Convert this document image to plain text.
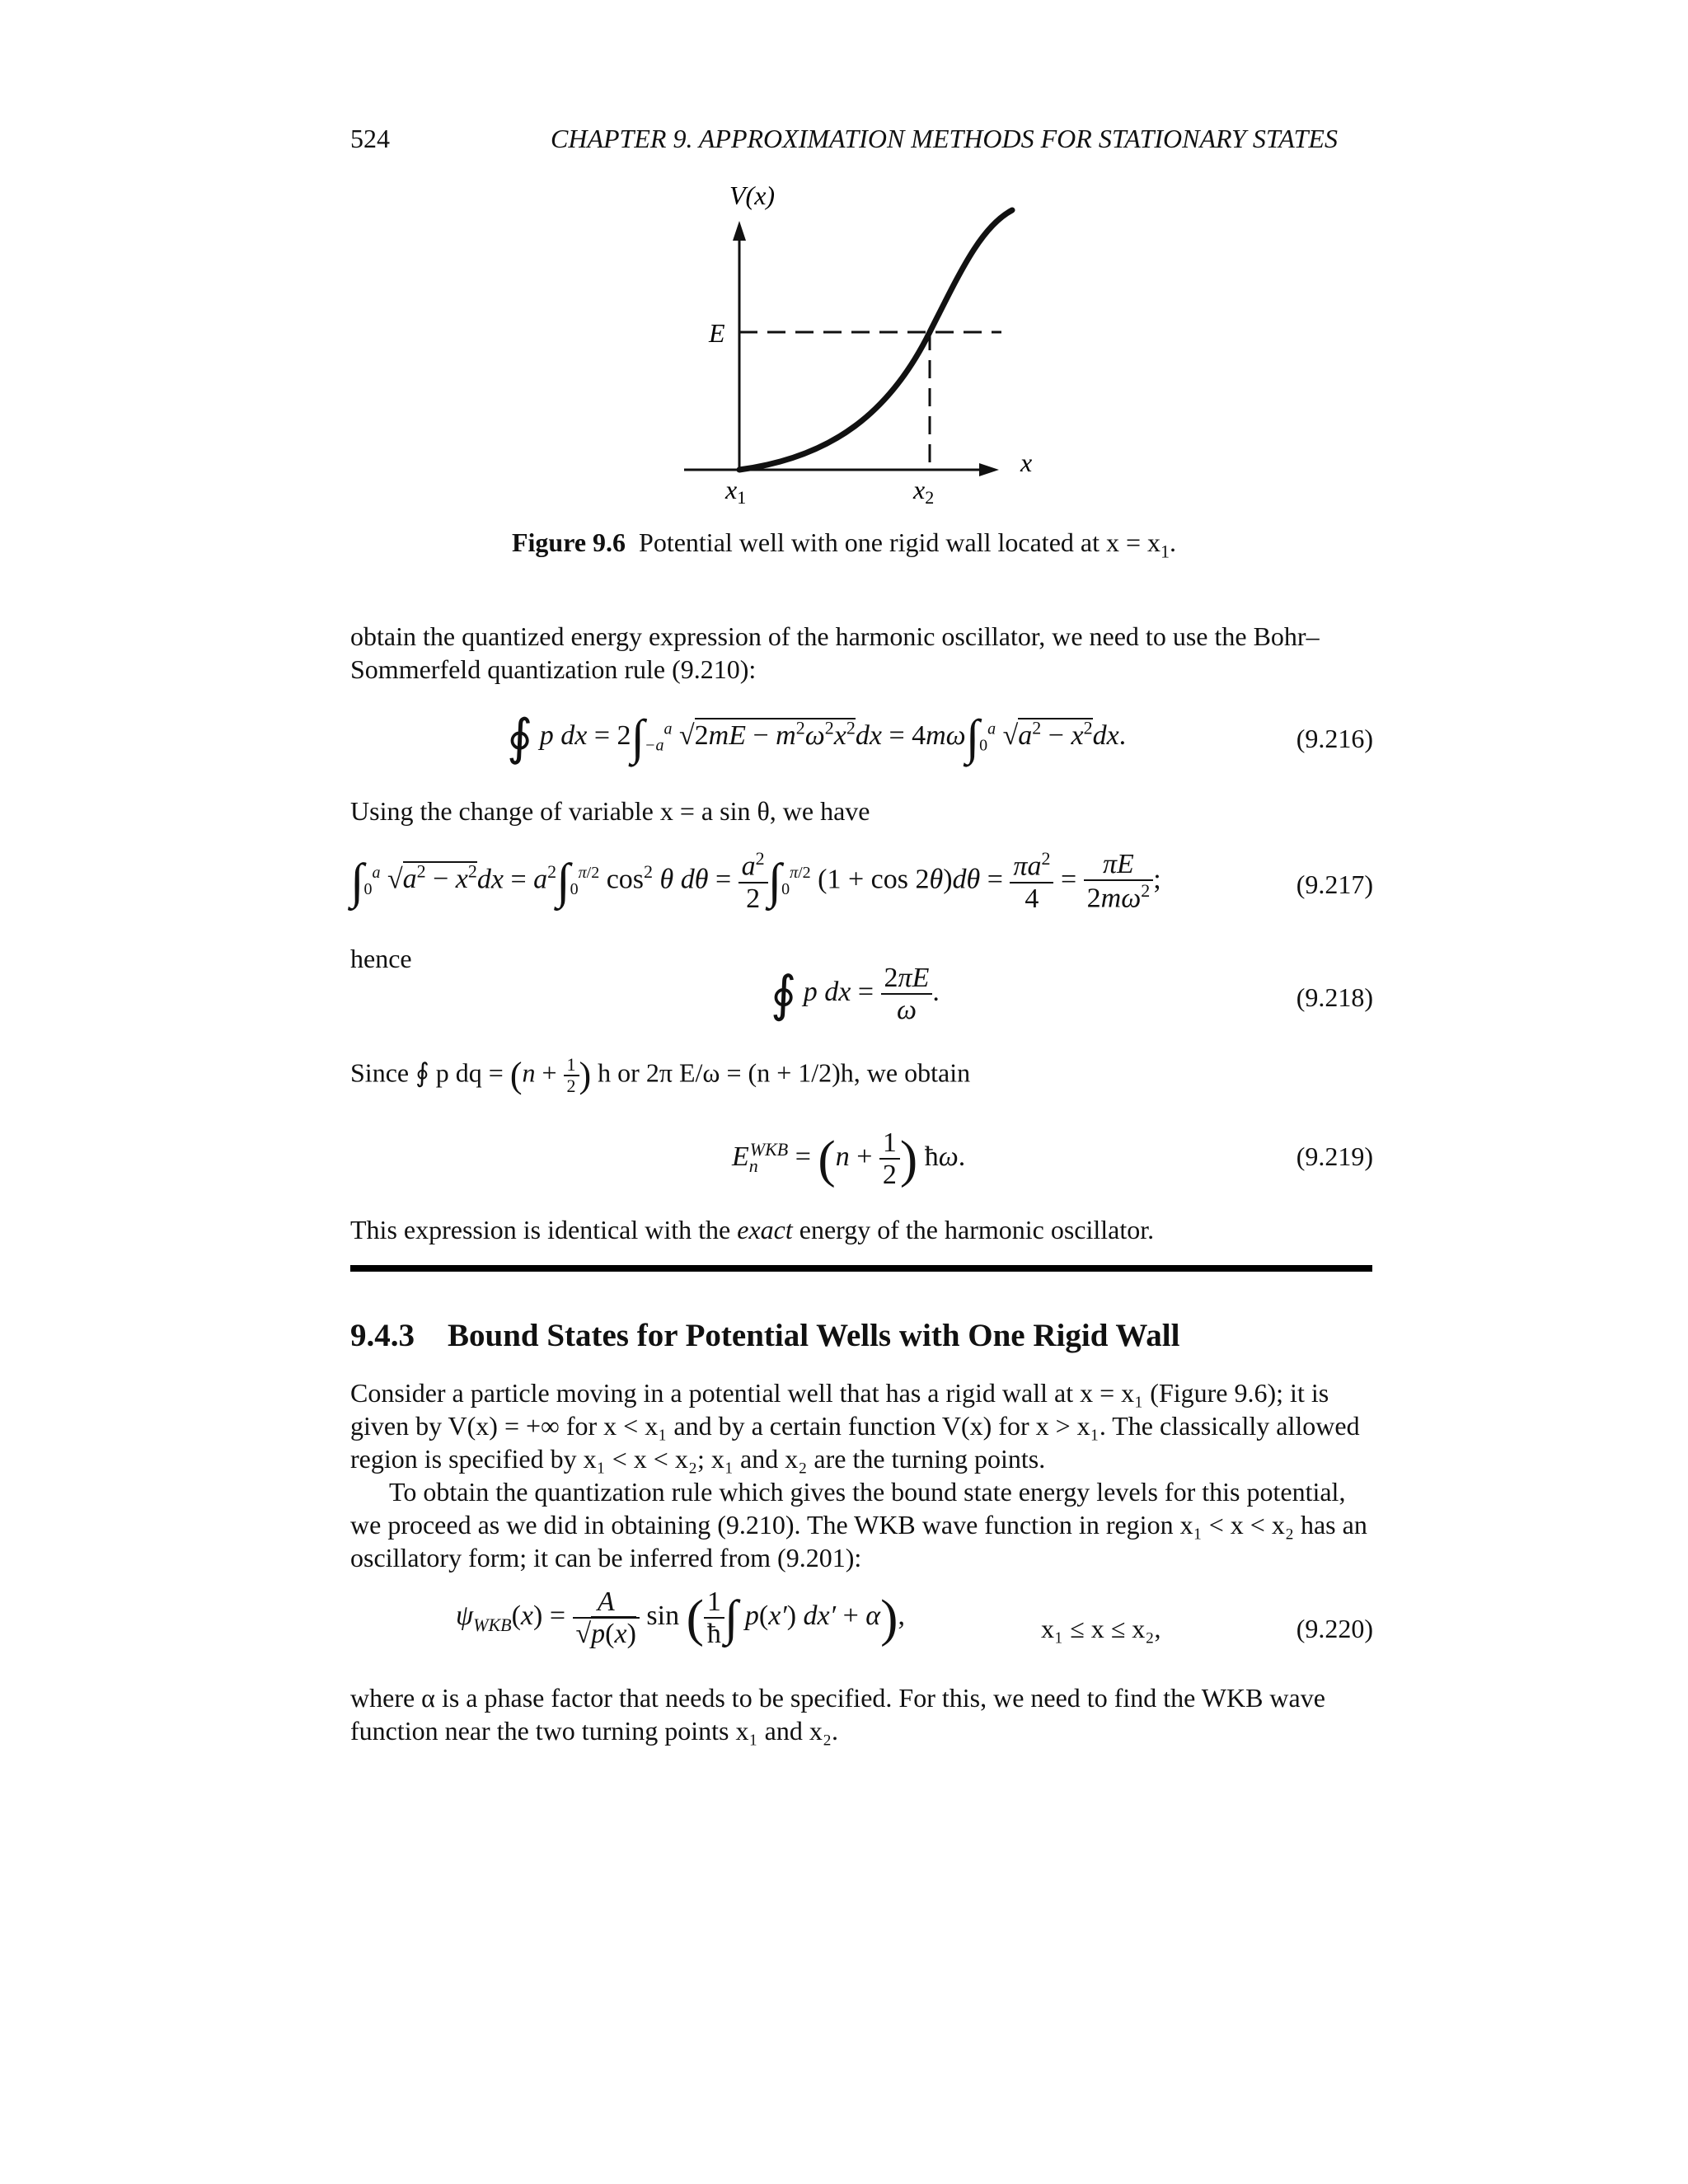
524	CHAPTER 9. APPROXIMATION METHODS FOR STATIONARY STATES
V(x)
E
x
x1	x2
Figure 9.6 Potential well with one rigid wall located at $x = x_1$.
obtain the quantized energy expression of the harmonic oscillator, we need to use the Bohr–Sommerfeld quantization rule (9.210):
∮ p dx = $2\int_{-a}^a$ $√2mE - m^2\omega^2x^2dx = 4m\omega\int_0^a$ $√a^2 - x^2dx$.	(9.216)
Using the change of variable x = a sin θ, we have
$\int_0^a$ $√a^2 - x^2dx = a^2\int_0^{\pi/2}$ $\cos^2 \theta$ $d\theta = \frac{a^2}{2} \int_0^{\pi/2}$ $(1 + \cos 2\theta)d\theta = \frac{\pi a^2}{4} = \frac{\pi E}{2m\omega^2}$ ;	(9.217)
hence
∮ p dx = $\frac{2\pi E}{\omega}$ .	(9.218)
Since ∮ p dq = ($n + \frac{1}{2}$ ) h or 2π E/ω = (n + 1/2)h, we obtain
$E_n^{WKB} = (n + \frac{1}{2}$ ) ħω.	(9.219)
This expression is identical with the exact energy of the harmonic oscillator.
9.4.3 Bound States for Potential Wells with One Rigid Wall
Consider a particle moving in a potential well that has a rigid wall at x = x₁ (Figure 9.6); it is given by V(x) = +∞ for x < x₁ and by a certain function V(x) for x > x₁. The classically allowed region is specified by x₁ < x < x₂; x₁ and x₂ are the turning points.
To obtain the quantization rule which gives the bound state energy levels for this potential, we proceed as we did in obtaining (9.210). The WKB wave function in region x₁ < x < x₂ has an oscillatory form; it can be inferred from (9.201):
$\psi_{WKB}(x) = \frac{A}{√p(x)}$ sin ( $\frac{1}{ħ}$ ∫ p(x′) dx′ + α),	x₁ ≤ x ≤ x₂,	(9.220)
where α is a phase factor that needs to be specified. For this, we need to find the WKB wave function near the two turning points x₁ and x₂.
